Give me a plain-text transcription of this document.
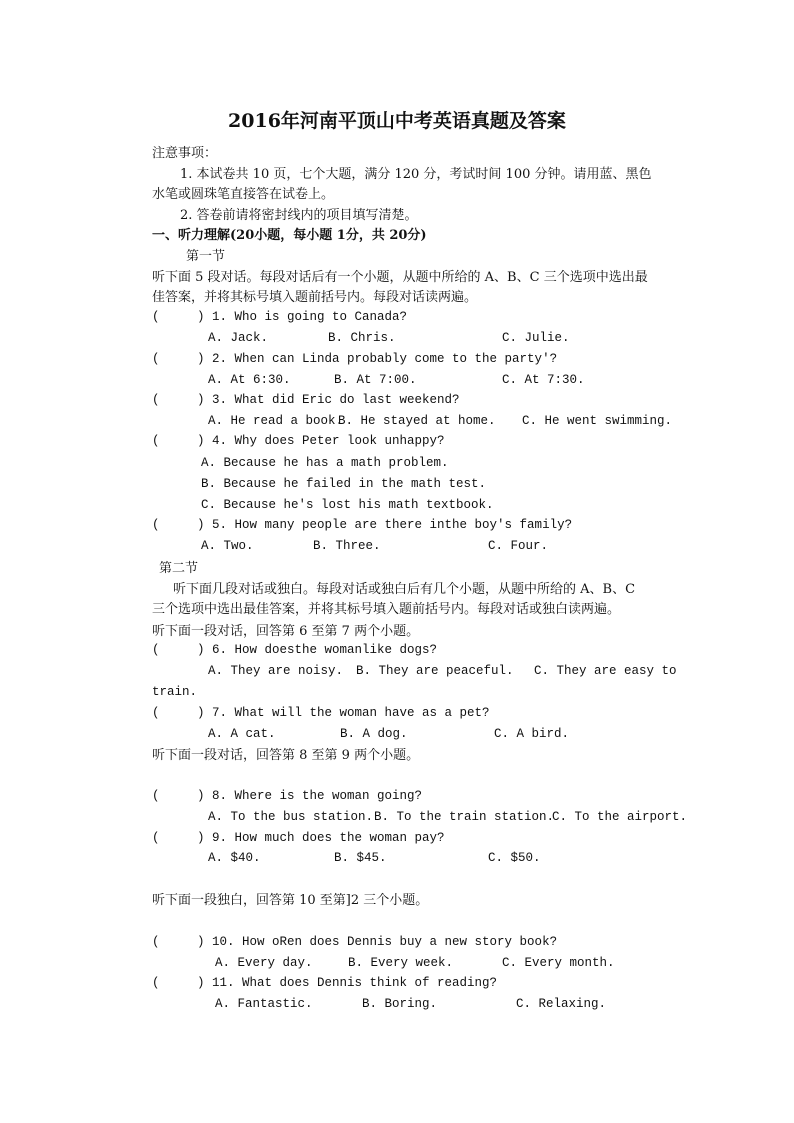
2016年河南平顶山中考英语真题及答案
注意事项：
1. 本试卷共 10 页，七个大题，满分 120 分，考试时间 100 分钟。请用蓝、黑色
水笔或圆珠笔直接答在试卷上。
2. 答卷前请将密封线内的项目填写清楚。
一、听力理解(20小题，每小题 1分，共 20分)
第一节
听下面 5 段对话。每段对话后有一个小题，从题中所给的 A、B、C 三个选项中选出最
佳答案，并将其标号填入题前括号内。每段对话读两遍。
(     ) 1. Who is going to Canada?
A. Jack.	B. Chris.	C. Julie.
(     ) 2. When can Linda probably come to the party'?
A. At 6:30.	B. At 7:00.	C. At 7:30.
(     ) 3. What did Eric do last weekend?
A. He read a book.
B. He stayed at home. C. He went swimming.
(     ) 4. Why does Peter look unhappy?
A. Because he has a math problem.
B. Because he failed in the math test.
C. Because he's lost his math textbook.
(     ) 5. How many people are there inthe boy's family?
A. Two.	B. Three.	C. Four.
第二节
听下面几段对话或独白。每段对话或独白后有几个小题，从题中所给的 A、B、C
三个选项中选出最佳答案，并将其标号填入题前括号内。每段对话或独白读两遍。
听下面一段对话，回答第 6 至第 7 两个小题。
(     ) 6. How doesthe womanlike dogs?
A. They are noisy. B. They are peaceful. C. They are easy to
train.
(     ) 7. What will the woman have as a pet?
A. A cat.	B. A dog.	C. A bird.
听下面一段对话，回答第 8 至第 9 两个小题。
(     ) 8. Where is the woman going?
A. To the bus station. B. To the train station.
C. To the airport.
(     ) 9. How much does the woman pay?
A. $40.	B. $45.	C. $50.
听下面一段独白，回答第 10 至第]2 三个小题。
(     ) 10. How oRen does Dennis buy a new story book?
A. Every day.	B. Every week.	C. Every month.
(     ) 11. What does Dennis think of reading?
A. Fantastic.	B. Boring.	C. Relaxing.
